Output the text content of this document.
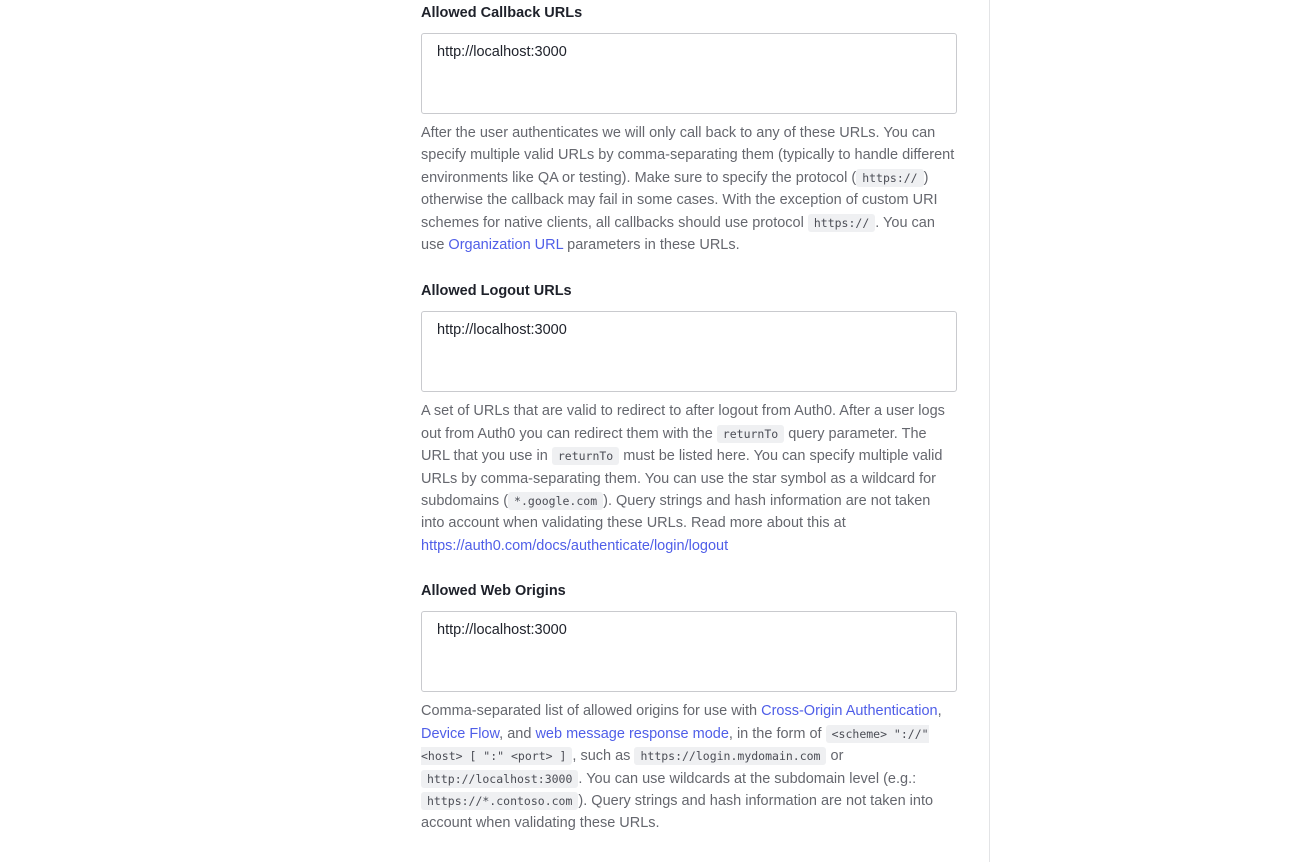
Allowed Callback URLs
http://localhost:3000

After the user authenticates we will only call back to any of these URLs. You can specify multiple valid URLs by comma-separating them (typically to handle different environments like QA or testing). Make sure to specify the protocol ( https:// ) otherwise the callback may fail in some cases. With the exception of custom URI schemes for native clients, all callbacks should use protocol https:// . You can use Organization URL parameters in these URLs.

Allowed Logout URLs
http://localhost:3000

A set of URLs that are valid to redirect to after logout from Auth0. After a user logs out from Auth0 you can redirect them with the returnTo query parameter. The URL that you use in returnTo must be listed here. You can specify multiple valid URLs by comma-separating them. You can use the star symbol as a wildcard for subdomains ( *.google.com ). Query strings and hash information are not taken into account when validating these URLs. Read more about this at https://auth0.com/docs/authenticate/login/logout

Allowed Web Origins
http://localhost:3000

Comma-separated list of allowed origins for use with Cross-Origin Authentication, Device Flow, and web message response mode, in the form of <scheme> "://" <host> [ ":" <port> ] , such as https://login.mydomain.com or http://localhost:3000 . You can use wildcards at the subdomain level (e.g.: https://*.contoso.com ). Query strings and hash information are not taken into account when validating these URLs.
